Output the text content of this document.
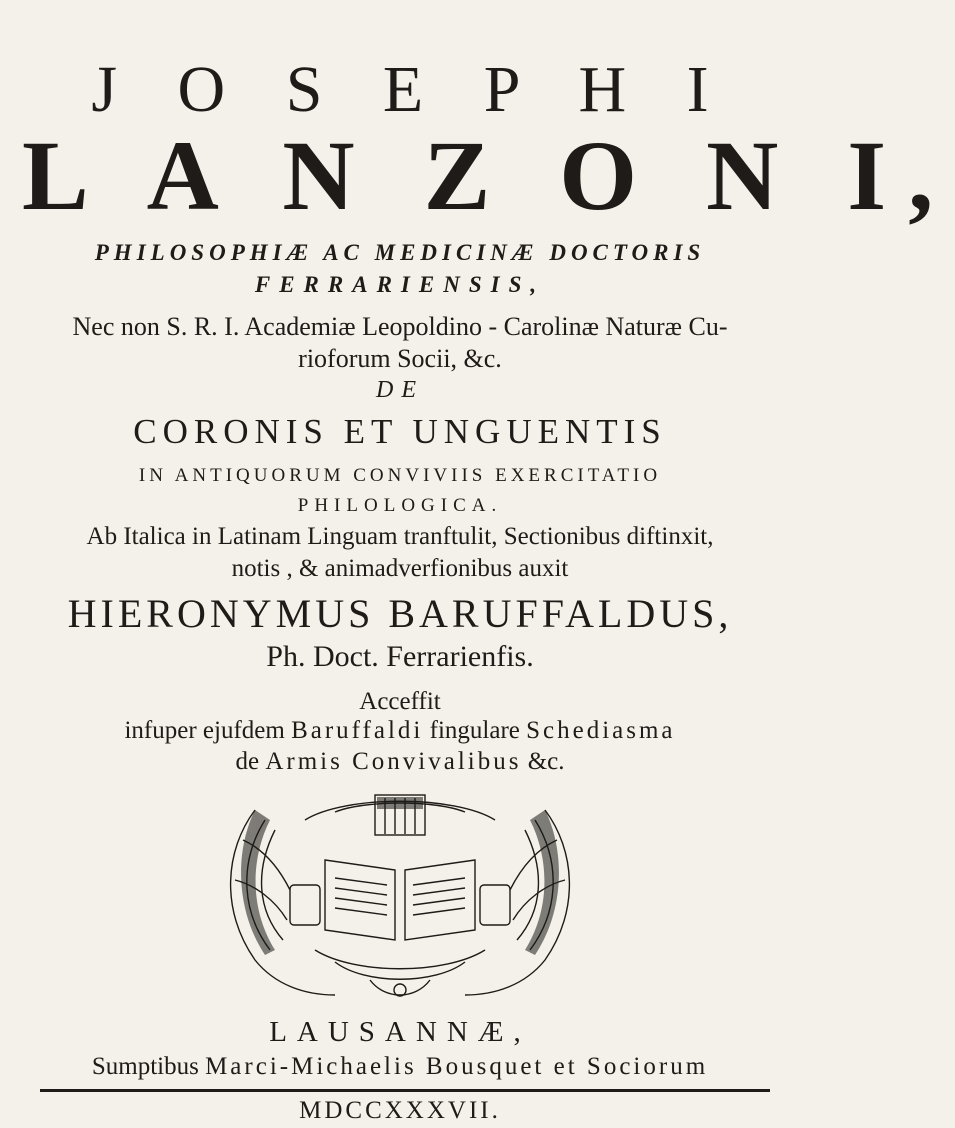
J O S E P H I
L A N Z O N I,
PHILOSOPHIÆ AC MEDICINÆ DOCTORIS
FERRARIENSIS,
Nec non S. R. I. Academiæ Leopoldino - Carolinæ Naturæ Cu-
rioforum Socii, &c.
DE
CORONIS ET UNGUENTIS
IN ANTIQUORUM CONVIVIIS EXERCITATIO
PHILOLOGICA.
Ab Italica in Latinam Linguam tranftulit, Sectionibus diftinxit,
notis , & animadverfionibus auxit
HIERONYMUS BARUFFALDUS,
Ph. Doct. Ferrarienfis.
Acceffit
infuper ejufdem Baruffaldi fingulare Schediasma
de Armis Convivalibus &c.
LAUSANNÆ,
Sumptibus Marci-Michaelis Bousquet et Sociorum
MDCCXXXVII.
